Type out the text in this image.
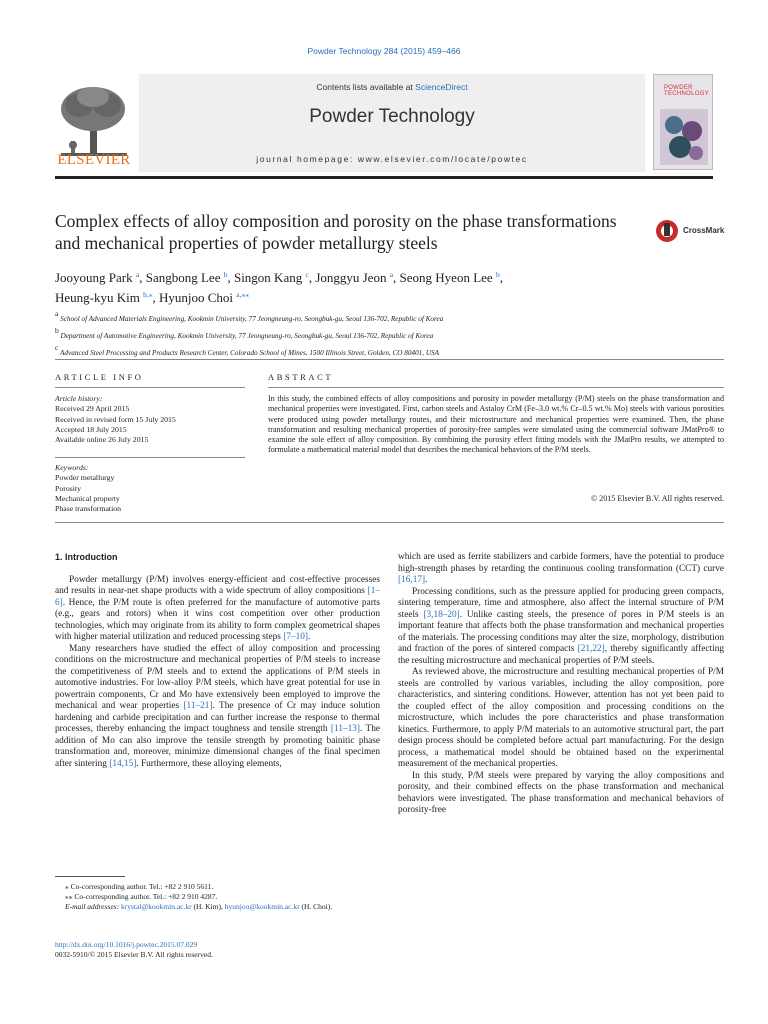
Powder Technology 284 (2015) 459–466
ELSEVIER
Contents lists available at ScienceDirect
Powder Technology
journal homepage: www.elsevier.com/locate/powtec
POWDER
TECHNOLOGY
Complex effects of alloy composition and porosity on the phase transformations and mechanical properties of powder metallurgy steels
CrossMark
Jooyoung Park $^a$, Sangbong Lee $^b$, Singon Kang $^c$, Jonggyu Jeon $^a$, Seong Hyeon Lee $^b$,
Heung-kyu Kim $^{b,⁎}$, Hyunjoo Choi $^{a,⁎⁎}$
$^a$ School of Advanced Materials Engineering, Kookmin University, 77 Jeongneung-ro, Seongbuk-gu, Seoul 136-702, Republic of Korea
$^b$ Department of Automotive Engineering, Kookmin University, 77 Jeongneung-ro, Seongbuk-gu, Seoul 136-702, Republic of Korea
$^c$ Advanced Steel Processing and Products Research Center, Colorado School of Mines, 1500 Illinois Street, Golden, CO 80401, USA
ARTICLE INFO	ABSTRACT
Article history:
Received 29 April 2015
Received in revised form 15 July 2015
Accepted 18 July 2015
Available online 26 July 2015
Keywords:
Powder metallurgy
Porosity
Mechanical property
Phase transformation
In this study, the combined effects of alloy compositions and porosity in powder metallurgy (P/M) steels on the phase transformation and mechanical properties were investigated. First, carbon steels and Astaloy CrM (Fe–3.0 wt.% Cr–0.5 wt.% Mo) steels with various porosities were produced using powder metallurgy routes, and their microstructure and mechanical properties were examined. Then, the phase transformation and resulting mechanical properties of porosity-free samples were simulated using the commercial software JMatPro® to examine the sole effect of alloy composition. By combining the porosity effect fitting models with the JMatPro results, we attempted to formulate a mathematical material model that describes the mechanical behaviors of the P/M steels.
© 2015 Elsevier B.V. All rights reserved.
1. Introduction

Powder metallurgy (P/M) involves energy-efficient and cost-effective processes and results in near-net shape products with a wide spectrum of alloy compositions [1–6]. Hence, the P/M route is often preferred for the manufacture of automotive parts (e.g., gears and rotors) when it wins cost competition over other production technologies, which may originate from its ability to form complex geometrical shapes with higher material utilization and reduced processing steps [7–10].

Many researchers have studied the effect of alloy composition and processing conditions on the microstructure and mechanical properties of P/M steels to increase the competitiveness of P/M steels and to extend the applications of P/M steels in automotive industries. For low-alloy P/M steels, which have great potential for use in powertrain components, Cr and Mo have extensively been employed to improve the mechanical and wear properties [11–21]. The presence of Cr may induce solution hardening and carbide precipitation and can further increase the response to thermal processes, thereby enhancing the impact toughness and tensile strength [11–13]. The addition of Mo can also improve the tensile strength by promoting bainitic phase transformation and, moreover, minimize dimensional changes of the final specimen after sintering [14,15]. Furthermore, these alloying elements,

which are used as ferrite stabilizers and carbide formers, have the potential to produce high-strength phases by retarding the continuous cooling transformation (CCT) curve [16,17].

Processing conditions, such as the pressure applied for producing green compacts, sintering temperature, time and atmosphere, also affect the internal structure of P/M steels [3,18–20]. Unlike casting steels, the presence of pores in P/M steels is an important feature that affects both the phase transformation and mechanical properties of the materials. The processing conditions may alter the size, morphology, distribution and fraction of the pores of sintered compacts [21,22], thereby significantly affecting the resulting microstructure and mechanical properties of P/M steels.

As reviewed above, the microstructure and resulting mechanical properties of P/M steels are controlled by various variables, including the alloy composition, pore characteristics, and sintering conditions. However, attention has not yet been paid to the coupled effect of the alloy composition and processing conditions on the microstructure, which includes the pore characteristics and phase transformation kinetics. Furthermore, to apply P/M materials to an automotive structural part, the part design process should be completed before actual part manufacturing. For the design process, a mathematical model should be obtained based on the experimental measurement of the mechanical properties.

In this study, P/M steels were prepared by varying the alloy compositions and porosity, and their combined effects on the phase transformation and mechanical behaviors were investigated. The phase transformation and mechanical behaviors of porosity-free

⁎ Co-corresponding author. Tel.: +82 2 910 5611.
⁎⁎ Co-corresponding author. Tel.: +82 2 910 4287.
E-mail addresses: krystal@kookmin.ac.kr (H. Kim), hyunjoo@kookmin.ac.kr (H. Choi).
http://dx.doi.org/10.1016/j.powtec.2015.07.029
0032-5910/© 2015 Elsevier B.V. All rights reserved.
